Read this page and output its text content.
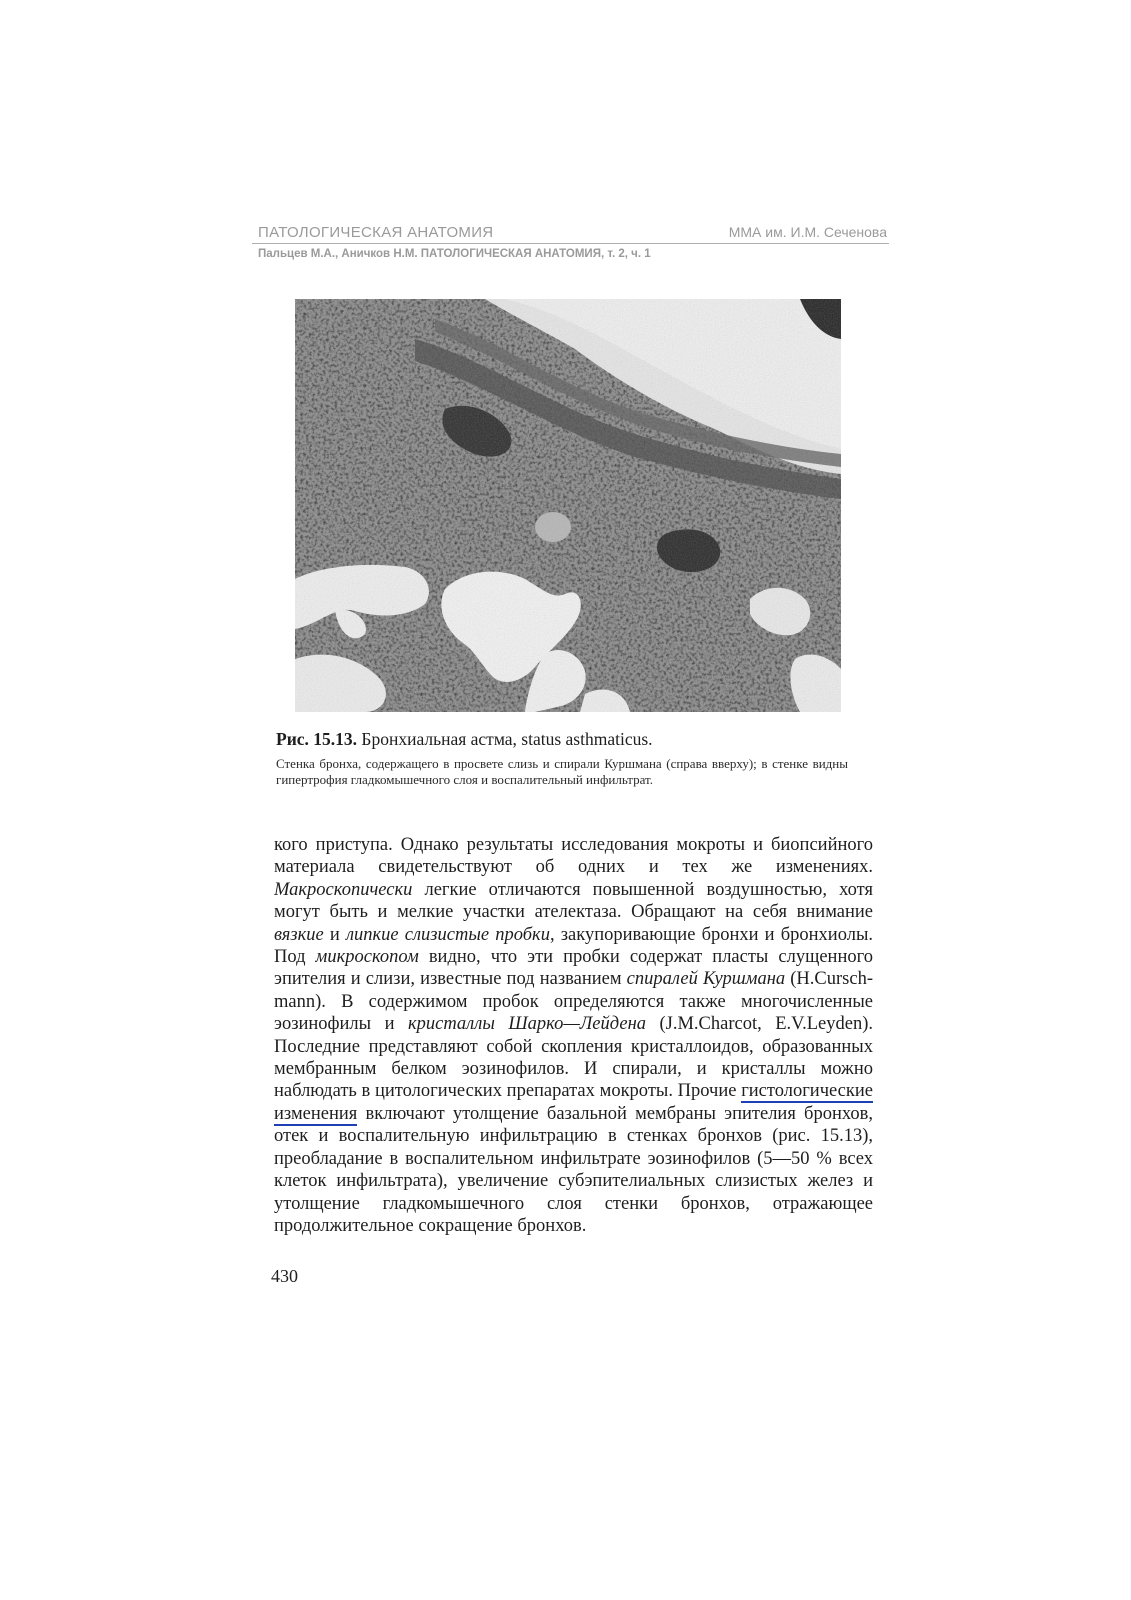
ПАТОЛОГИЧЕСКАЯ АНАТОМИЯ	ММА им. И.М. Сеченова
Пальцев М.А., Аничков Н.М. ПАТОЛОГИЧЕСКАЯ АНАТОМИЯ, т. 2, ч. 1

Рис. 15.13. Бронхиальная астма, status asthmaticus.

Стенка бронха, содержащего в просвете слизь и спирали Куршмана (справа вверху); в стенке видны гипертрофия гладкомышечного слоя и воспалительный инфильтрат.

кого приступа. Однако результаты исследования мокроты и биопсийного материала свидетельствуют об одних и тех же изменениях. Макроскопически легкие отличаются повышенной воздушностью, хотя могут быть и мелкие участки ателектаза. Обращают на себя внимание вязкие и липкие слизистые пробки, закупоривающие бронхи и бронхиолы. Под микроскопом видно, что эти пробки содержат пласты слущенного эпителия и слизи, известные под названием спиралей Куршмана (H.Curschmann). В содержимом пробок определяются также многочисленные эозинофилы и кристаллы Шарко—Лейдена (J.M.Charcot, E.V.Leyden). Последние представляют собой скопления кристаллоидов, образованных мембранным белком эозинофилов. И спирали, и кристаллы можно наблюдать в цитологических препаратах мокроты. Прочие гистологические изменения включают утолщение базальной мембраны эпителия бронхов, отек и воспалительную инфильтрацию в стенках бронхов (рис. 15.13), преобладание в воспалительном инфильтрате эозинофилов (5—50 % всех клеток инфильтрата), увеличение субэпителиальных слизистых желез и утолщение гладкомышечного слоя стенки бронхов, отражающее продолжительное сокращение бронхов.

430
